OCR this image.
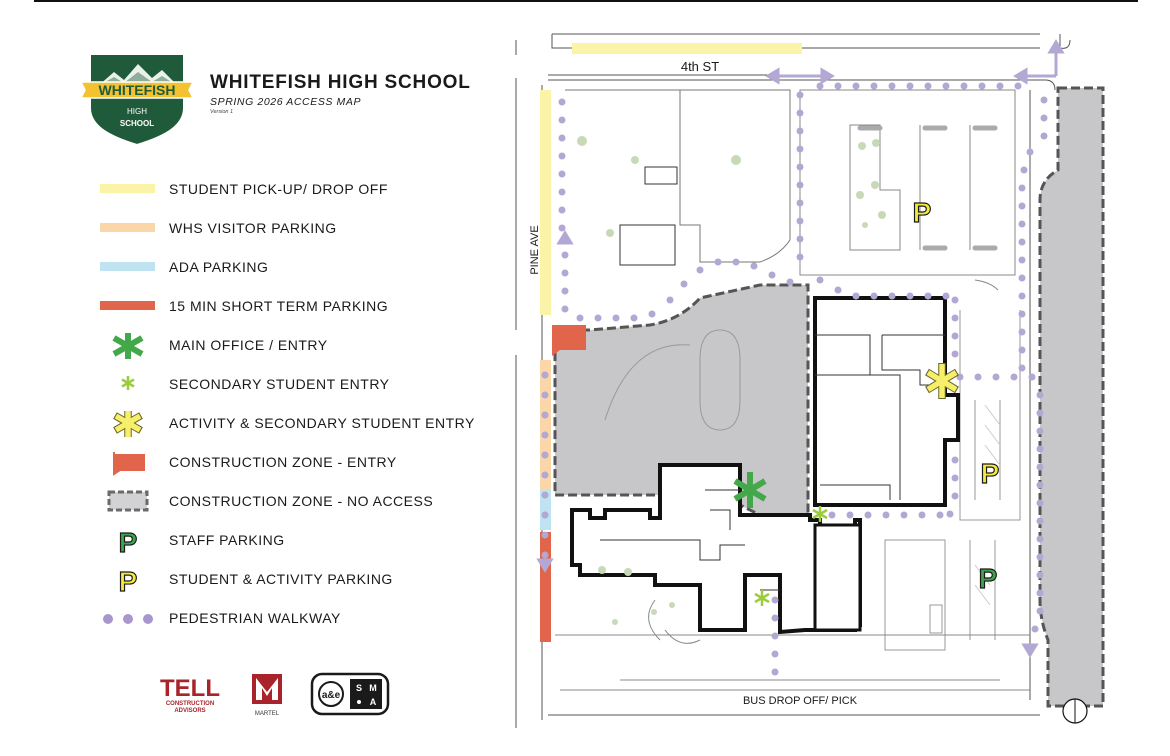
WHITEFISH
HIGH
SCHOOL
WHITEFISH HIGH SCHOOL
SPRING 2026 ACCESS MAP
Version 1
STUDENT PICK-UP/ DROP OFF
WHS VISITOR PARKING
ADA PARKING
15 MIN SHORT TERM PARKING
MAIN OFFICE / ENTRY
SECONDARY STUDENT ENTRY
ACTIVITY & SECONDARY STUDENT ENTRY
CONSTRUCTION ZONE - ENTRY
CONSTRUCTION ZONE - NO ACCESS
P STAFF PARKING
P STUDENT & ACTIVITY PARKING
PEDESTRIAN WALKWAY
TELL
CONSTRUCTION
ADVISORS	MARTEL
a&e
S M
A
4th ST
PINE AVE
BUS DROP OFF/ PICK
P
P
P
